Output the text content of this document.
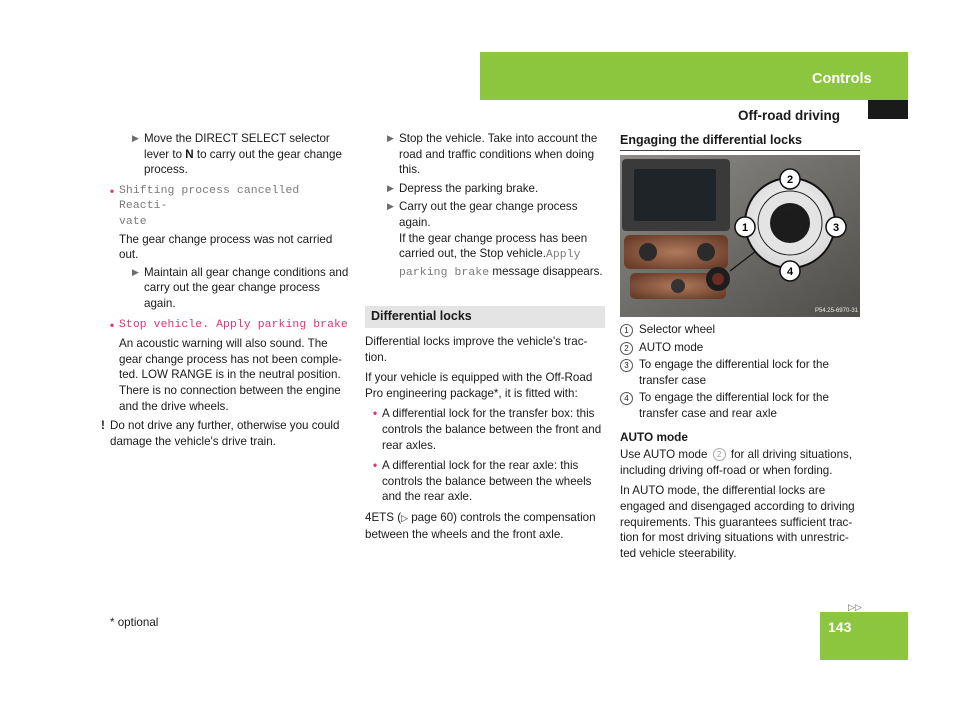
Controls
Off-road driving
▶ Move the DIRECT SELECT selector lever to N to carry out the gear change process.
• Shifting process cancelled Reacti-
vate
The gear change process was not carried out.
▶ Maintain all gear change conditions and carry out the gear change process again.
• Stop vehicle. Apply parking brake
An acoustic warning will also sound. The gear change process has not been comple-ted. LOW RANGE is in the neutral position. There is no connection between the engine and the drive wheels.
! Do not drive any further, otherwise you could damage the vehicle's drive train.
▶ Stop the vehicle. Take into account the road and traffic conditions when doing this.
▶ Depress the parking brake.
▶ Carry out the gear change process
again.
If the gear change process has been
carried out, the Stop vehicle.Apply
parking brake message disappears.
Differential locks

Differential locks improve the vehicle's trac-tion.

If your vehicle is equipped with the Off-Road Pro engineering package*, it is fitted with:

• A differential lock for the transfer box: this controls the balance between the front and rear axles.
• A differential lock for the rear axle: this controls the balance between the wheels and the rear axle.

4ETS (▷ page 60) controls the compensation between the wheels and the front axle.

Engaging the differential locks
AUTO
2
1	3
4
P54.25-6970-31
1 Selector wheel
2 AUTO mode
3 To engage the differential lock for the transfer case
4 To engage the differential lock for the transfer case and rear axle
AUTO mode

Use AUTO mode 2 for all driving situations, including driving off-road or when fording.

In AUTO mode, the differential locks are engaged and disengaged according to driving requirements. This guarantees sufficient trac-tion for most driving situations with unrestric-ted vehicle steerability.

▷▷
* optional	143
